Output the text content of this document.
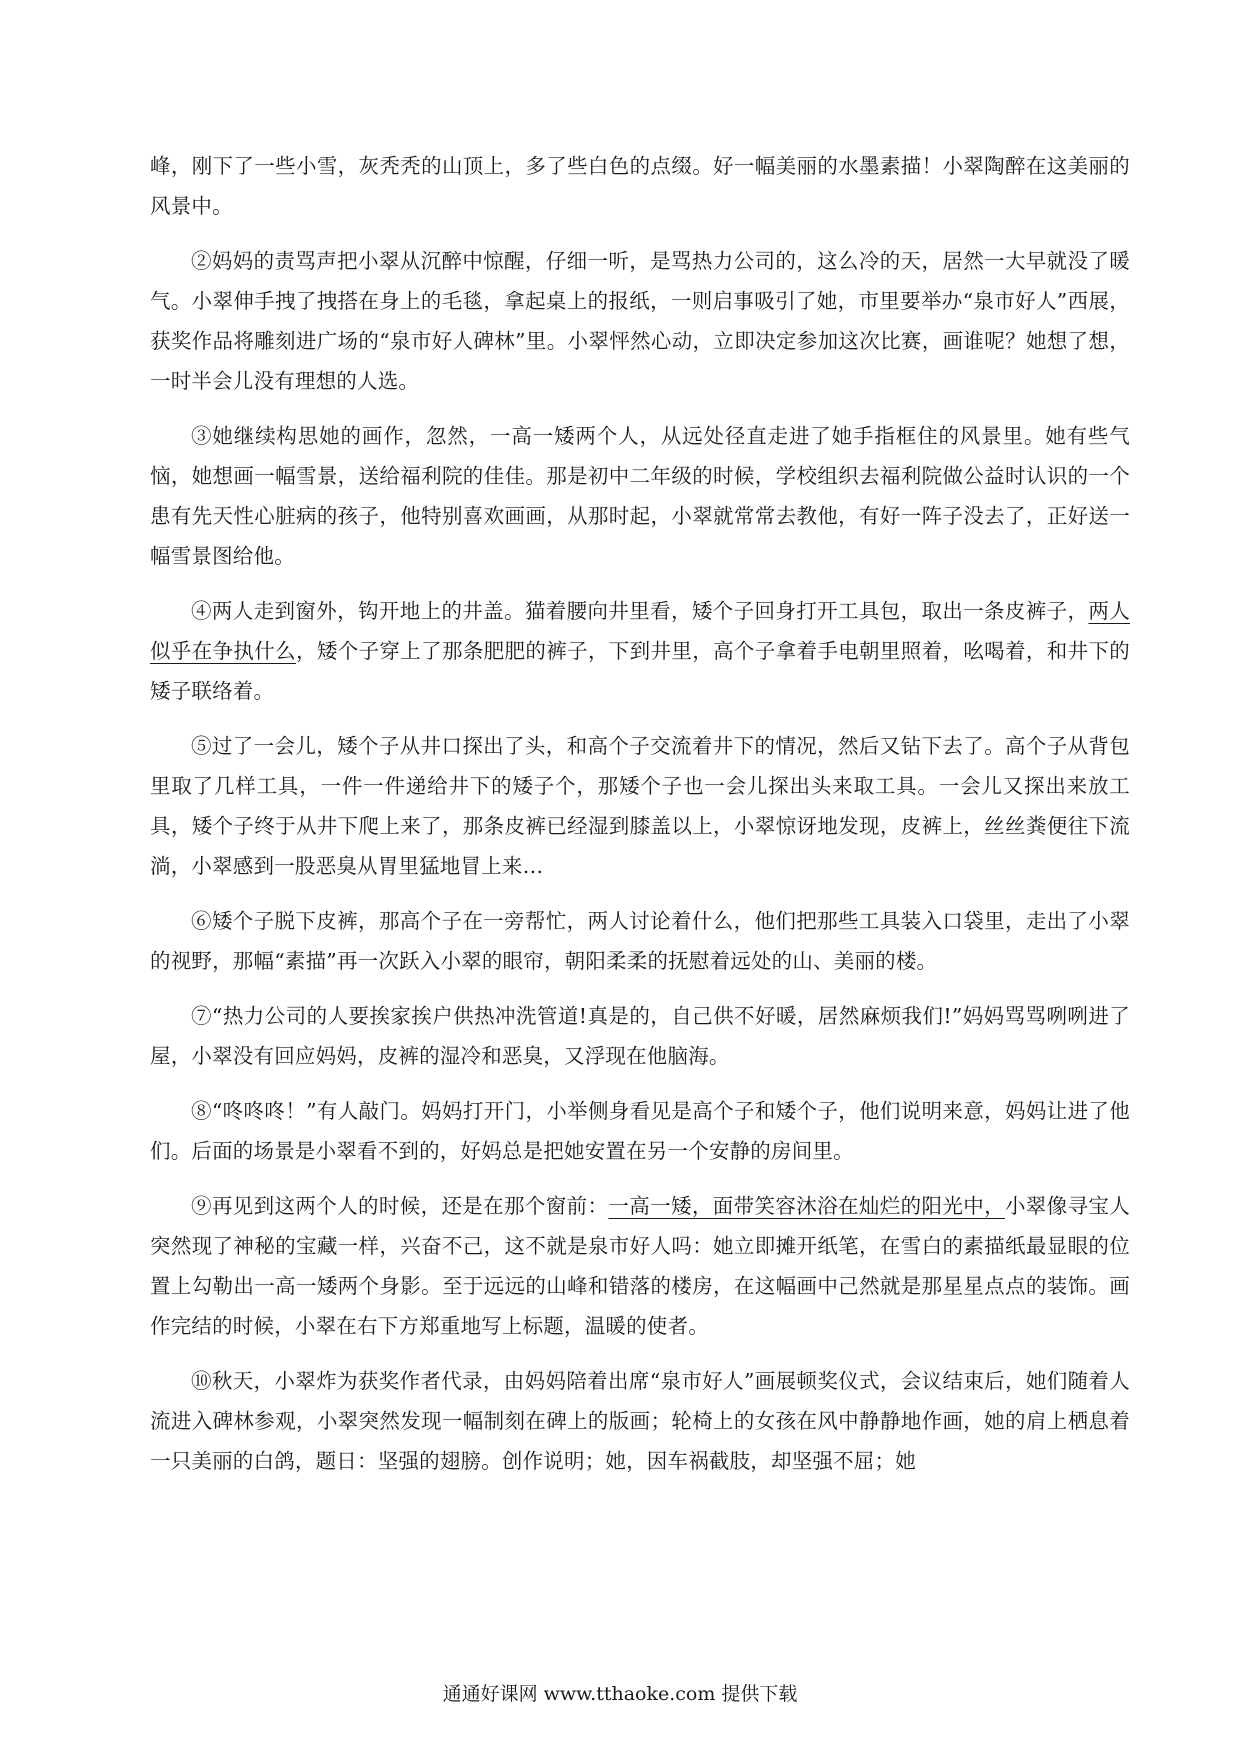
峰，刚下了一些小雪，灰秃秃的山顶上，多了些白色的点缀。好一幅美丽的水墨素描！小翠陶醉在这美丽的风景中。

②妈妈的责骂声把小翠从沉醉中惊醒，仔细一听，是骂热力公司的，这么冷的天，居然一大早就没了暖气。小翠伸手拽了拽搭在身上的毛毯，拿起桌上的报纸，一则启事吸引了她，市里要举办“泉市好人”西展，获奖作品将雕刻进广场的“泉市好人碑林”里。小翠怦然心动，立即决定参加这次比赛，画谁呢？她想了想，一时半会儿没有理想的人选。

③她继续构思她的画作，忽然，一高一矮两个人，从远处径直走进了她手指框住的风景里。她有些气恼，她想画一幅雪景，送给福利院的佳佳。那是初中二年级的时候，学校组织去福利院做公益时认识的一个患有先天性心脏病的孩子，他特别喜欢画画，从那时起，小翠就常常去教他，有好一阵子没去了，正好送一幅雪景图给他。

④两人走到窗外，钩开地上的井盖。猫着腰向井里看，矮个子回身打开工具包，取出一条皮裤子，两人似乎在争执什么，矮个子穿上了那条肥肥的裤子，下到井里，高个子拿着手电朝里照着，吆喝着，和井下的矮子联络着。

⑤过了一会儿，矮个子从井口探出了头，和高个子交流着井下的情况，然后又钻下去了。高个子从背包里取了几样工具，一件一件递给井下的矮子个，那矮个子也一会儿探出头来取工具。一会儿又探出来放工具，矮个子终于从井下爬上来了，那条皮裤已经湿到膝盖以上，小翠惊讶地发现，皮裤上，丝丝粪便往下流淌，小翠感到一股恶臭从胃里猛地冒上来…

⑥矮个子脱下皮裤，那高个子在一旁帮忙，两人讨论着什么，他们把那些工具装入口袋里，走出了小翠的视野，那幅“素描”再一次跃入小翠的眼帘，朝阳柔柔的抚慰着远处的山、美丽的楼。

⑦“热力公司的人要挨家挨户供热冲洗管道!真是的，自己供不好暖，居然麻烦我们!”妈妈骂骂咧咧进了屋，小翠没有回应妈妈，皮裤的湿冷和恶臭，又浮现在他脑海。

⑧“咚咚咚！”有人敲门。妈妈打开门，小举侧身看见是高个子和矮个子，他们说明来意，妈妈让进了他们。后面的场景是小翠看不到的，好妈总是把她安置在另一个安静的房间里。

⑨再见到这两个人的时候，还是在那个窗前：一高一矮，面带笑容沐浴在灿烂的阳光中，小翠像寻宝人突然现了神秘的宝藏一样，兴奋不己，这不就是泉市好人吗：她立即摊开纸笔，在雪白的素描纸最显眼的位置上勾勒出一高一矮两个身影。至于远远的山峰和错落的楼房，在这幅画中己然就是那星星点点的装饰。画作完结的时候，小翠在右下方郑重地写上标题，温暖的使者。

⑩秋天，小翠炸为获奖作者代录，由妈妈陪着出席“泉市好人”画展顿奖仪式，会议结束后，她们随着人流进入碑林参观，小翠突然发现一幅制刻在碑上的版画；轮椅上的女孩在风中静静地作画，她的肩上栖息着一只美丽的白鸽，题日：坚强的翅膀。创作说明；她，因车祸截肢，却坚强不屈；她

通通好课网 www.tthaoke.com 提供下载
